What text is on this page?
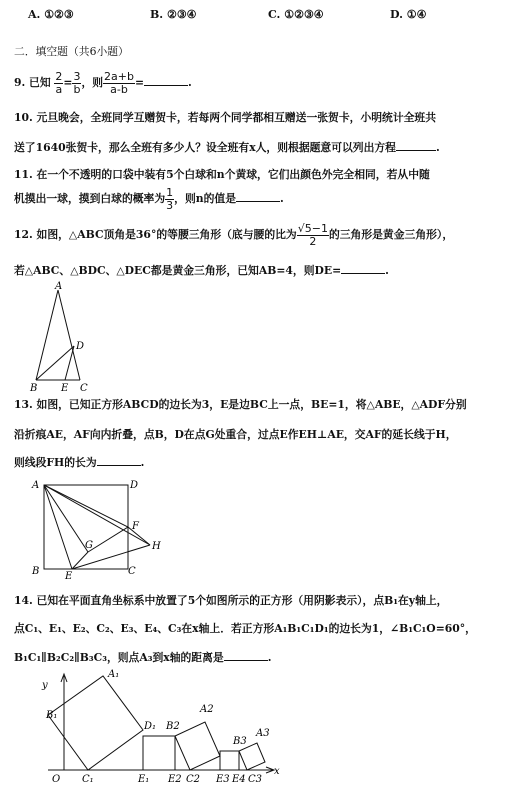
A. ①②③	B. ②③④	C. ①②③④	D. ①④
二．填空题（共6小题）
9. 已知 $\frac{2}{a} = \frac{3}{b}$ ，则 $\frac{2a+b}{a-b}$ =	.
10. 元旦晚会，全班同学互赠贺卡，若每两个同学都相互赠送一张贺卡，小明统计全班共
送了1640张贺卡，那么全班有多少人？设全班有x人，则根据题意可以列出方程	.
11. 在一个不透明的口袋中装有5个白球和n个黄球，它们出颜色外完全相同，若从中随
机摸出一球，摸到白球的概率为 $\frac{1}{3}$ ，则n的值是	.
12. 如图，△ABC顶角是36°的等腰三角形（底与腰的比为 $\frac{√5-1}{2}$ 的三角形是黄金三角形），
若△ABC、△BDC、△DEC都是黄金三角形，已知AB=4，则DE=	.
A
B	C
D
E
13. 如图，已知正方形ABCD的边长为3，E是边BC上一点，BE=1，将△ABE，△ADF分别
沿折痕AE，AF向内折叠，点B，D在点G处重合，过点E作EH⊥AE，交AF的延长线于H，
则线段FH的长为	.
A	D
B	C
E
F
G	H
14. 已知在平面直角坐标系中放置了5个如图所示的正方形（用阴影表示），点B₁在y轴上，
点C₁、E₁、E₂、C₂、E₃、E₄、C₃在x轴上．若正方形A₁B₁C₁D₁的边长为1，∠B₁C₁O=60°，
B₁C₁∥B₂C₂∥B₃C₃，则点A₃到x轴的距离是	.
y
x
O
A₁
B₁
C₁
D₁
E₁
B2
A2
E2 C2
B3
A3
E3 E4 C3
